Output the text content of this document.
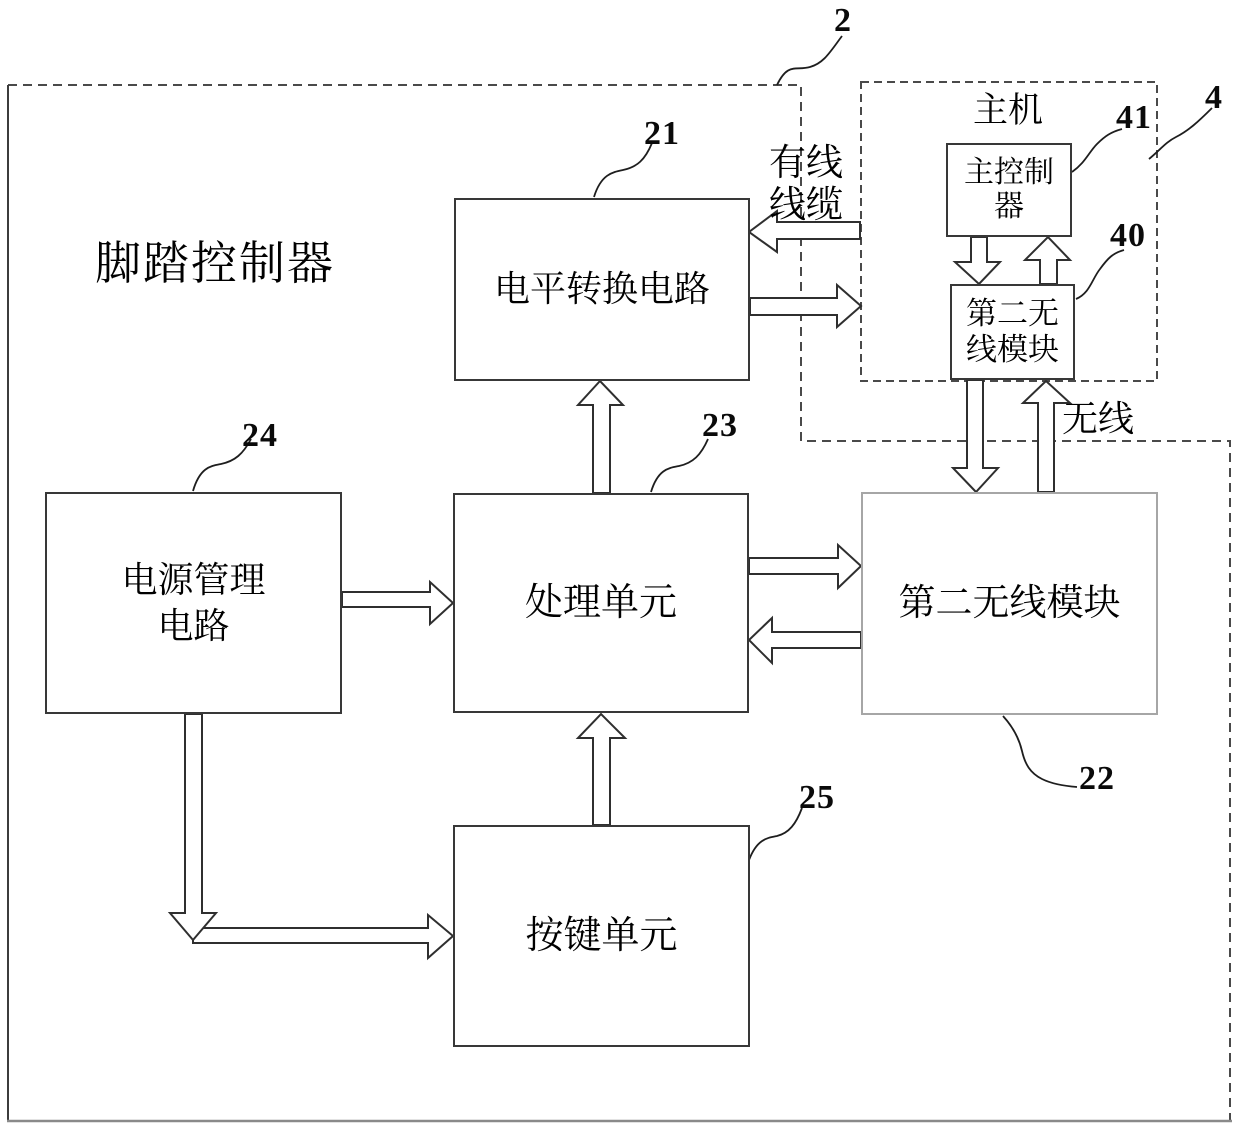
电平转换电路
处理单元
电源管理
电路
第二无线模块
按键单元
主控制
器
第二无
线模块
脚踏控制器
主机
有线
线缆
无线
2
4
41
40
21
23
24
22
25
